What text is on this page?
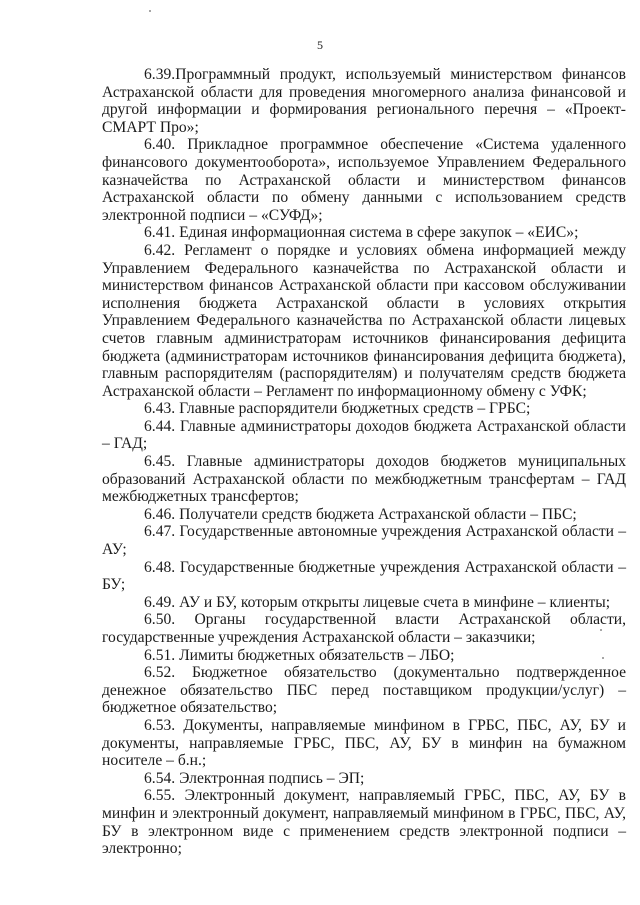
5

6.39.Программный продукт, используемый министерством финансов Астраханской области для проведения многомерного анализа финансовой и другой информации и формирования регионального перечня – «Проект-СМАРТ Про»;

6.40. Прикладное программное обеспечение «Система удаленного финансового документооборота», используемое Управлением Федерального казначейства по Астраханской области и министерством финансов Астраханской области по обмену данными с использованием средств электронной подписи – «СУФД»;

6.41. Единая информационная система в сфере закупок – «ЕИС»;

6.42. Регламент о порядке и условиях обмена информацией между Управлением Федерального казначейства по Астраханской области и министерством финансов Астраханской области при кассовом обслуживании исполнения бюджета Астраханской области в условиях открытия Управлением Федерального казначейства по Астраханской области лицевых счетов главным администраторам источников финансирования дефицита бюджета (администраторам источников финансирования дефицита бюджета), главным распорядителям (распорядителям) и получателям средств бюджета Астраханской области – Регламент по информационному обмену с УФК;

6.43. Главные распорядители бюджетных средств – ГРБС;

6.44. Главные администраторы доходов бюджета Астраханской области – ГАД;

6.45. Главные администраторы доходов бюджетов муниципальных образований Астраханской области по межбюджетным трансфертам – ГАД межбюджетных трансфертов;

6.46. Получатели средств бюджета Астраханской области – ПБС;

6.47. Государственные автономные учреждения Астраханской области – АУ;

6.48. Государственные бюджетные учреждения Астраханской области – БУ;

6.49. АУ и БУ, которым открыты лицевые счета в минфине – клиенты;

6.50. Органы государственной власти Астраханской области, государственные учреждения Астраханской области – заказчики;

6.51. Лимиты бюджетных обязательств – ЛБО;

6.52. Бюджетное обязательство (документально подтвержденное денежное обязательство ПБС перед поставщиком продукции/услуг) – бюджетное обязательство;

6.53. Документы, направляемые минфином в ГРБС, ПБС, АУ, БУ и документы, направляемые ГРБС, ПБС, АУ, БУ в минфин на бумажном носителе – б.н.;

6.54. Электронная подпись – ЭП;

6.55. Электронный документ, направляемый ГРБС, ПБС, АУ, БУ в минфин и электронный документ, направляемый минфином в ГРБС, ПБС, АУ, БУ в электронном виде с применением средств электронной подписи – электронно;
